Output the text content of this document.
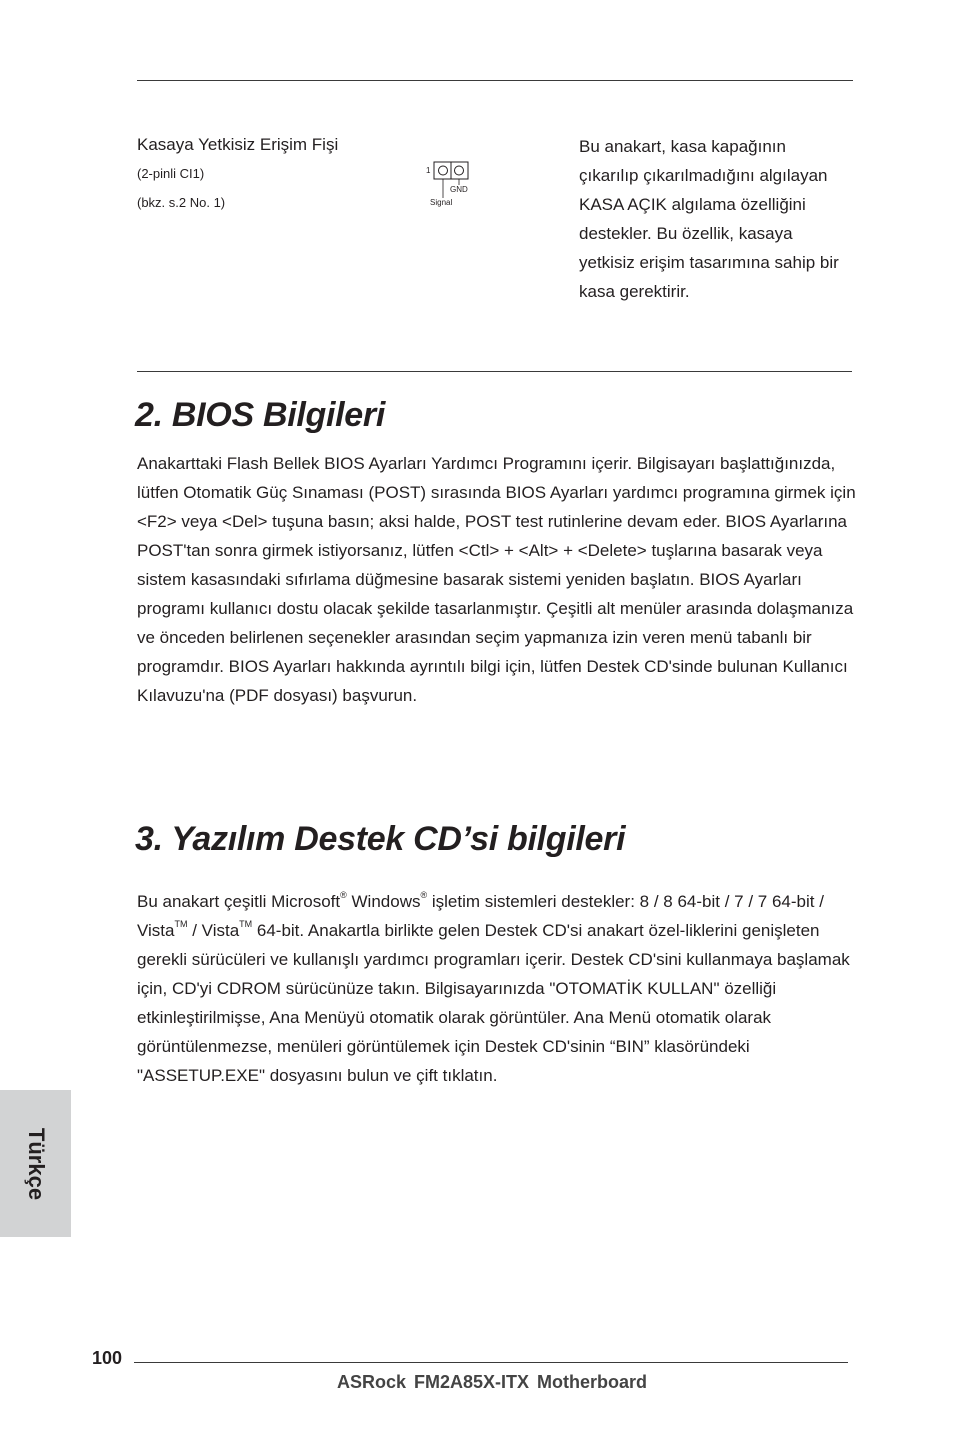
Kasaya Yetkisiz Erişim Fişi
(2-pinli CI1)
(bkz. s.2 No. 1)
1
GND
Signal
Bu anakart, kasa kapağının çıkarılıp çıkarılmadığını algılayan KASA AÇIK algılama özelliğini destekler. Bu özellik, kasaya yetkisiz erişim tasarımına sahip bir kasa gerektirir.
2. BIOS Bilgileri
Anakarttaki Flash Bellek BIOS Ayarları Yardımcı Programını içerir. Bilgisayarı başlattığınızda, lütfen Otomatik Güç Sınaması (POST) sırasında BIOS Ayarları yardımcı programına girmek için <F2> veya <Del> tuşuna basın; aksi halde, POST test rutinlerine devam eder. BIOS Ayarlarına POST'tan sonra girmek istiyorsanız, lütfen <Ctl> + <Alt> + <Delete> tuşlarına basarak veya sistem kasasındaki sıfırlama düğmesine basarak sistemi yeniden başlatın. BIOS Ayarları programı kullanıcı dostu olacak şekilde tasarlanmıştır. Çeşitli alt menüler arasında dolaşmanıza ve önceden belirlenen seçenekler arasından seçim yapmanıza izin veren menü tabanlı bir programdır. BIOS Ayarları hakkında ayrıntılı bilgi için, lütfen Destek CD'sinde bulunan Kullanıcı Kılavuzu'na (PDF dosyası) başvurun.
3. Yazılım Destek CD’si bilgileri
Bu anakart çeşitli Microsoft® Windows® işletim sistemleri destekler: 8 / 8 64-bit / 7 / 7 64-bit / Vista™ / Vista™ 64-bit. Anakartla birlikte gelen Destek CD'si anakart özel-liklerini genişleten gerekli sürücüleri ve kullanışlı yardımcı programları içerir. Destek CD'sini kullanmaya başlamak için, CD'yi CDROM sürücünüze takın. Bilgisayarınızda "OTOMATİK KULLAN" özelliği etkinleştirilmişse, Ana Menüyü otomatik olarak görüntüler. Ana Menü otomatik olarak görüntülenmezse, menüleri görüntülemek için Destek CD'sinin “BIN” klasöründeki "ASSETUP.EXE" dosyasını bulun ve çift tıklatın.
Türkçe
100
ASRock FM2A85X-ITX Motherboard
